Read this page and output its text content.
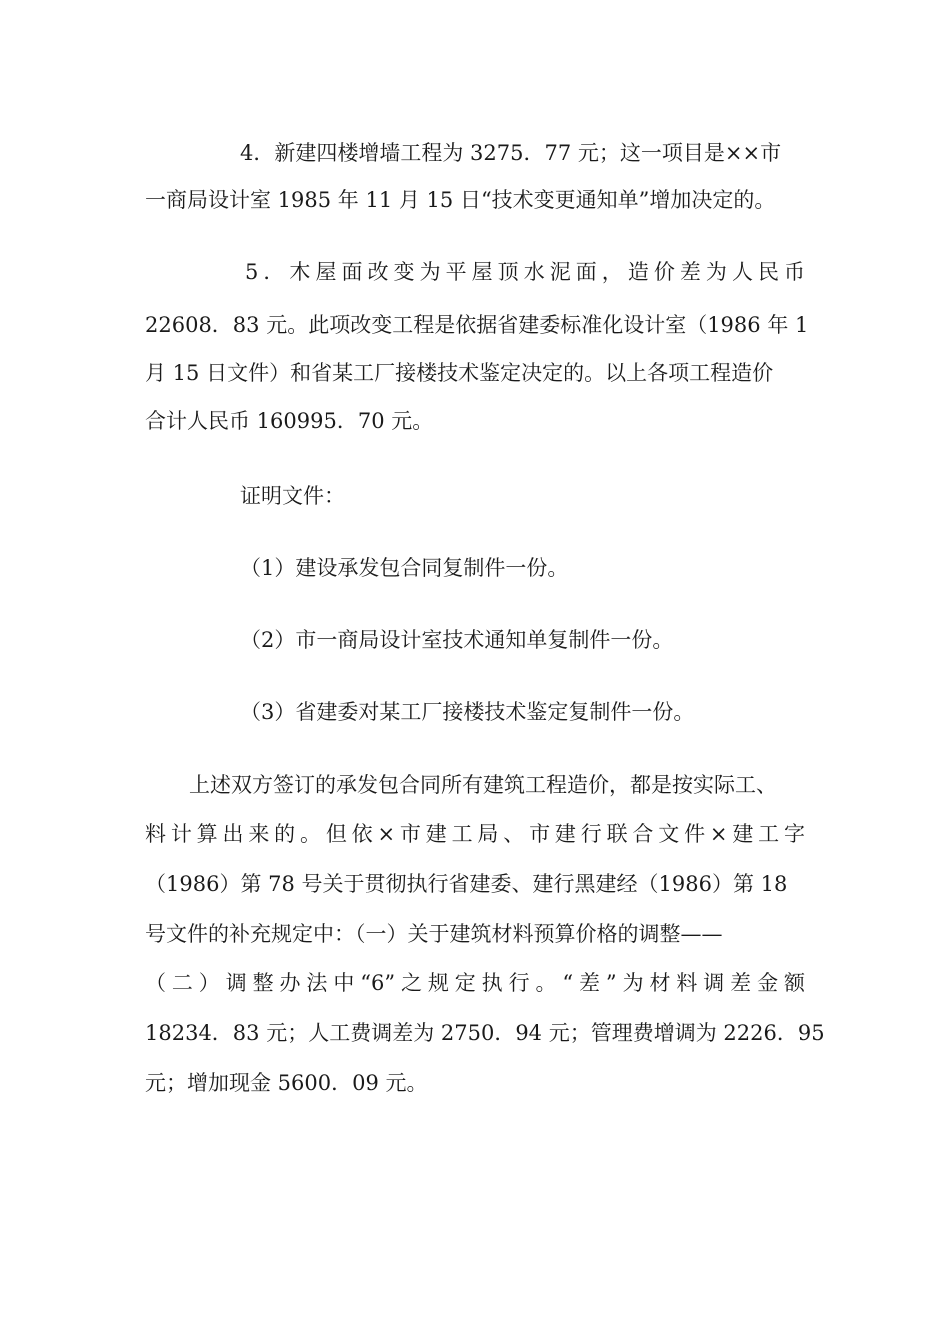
4．新建四楼增墙工程为 3275．77 元；这一项目是××市
一商局设计室 1985 年 11 月 15 日“技术变更通知单”增加决定的。
5．木屋面改变为平屋顶水泥面，造价差为人民币
22608．83 元。此项改变工程是依据省建委标准化设计室（1986 年 1
月 15 日文件）和省某工厂接楼技术鉴定决定的。以上各项工程造价
合计人民币 160995．70 元。
证明文件：
（1）建设承发包合同复制件一份。
（2）市一商局设计室技术通知单复制件一份。
（3）省建委对某工厂接楼技术鉴定复制件一份。
上述双方签订的承发包合同所有建筑工程造价，都是按实际工、
料计算出来的。但依×市建工局、市建行联合文件×建工字
（1986）第 78 号关于贯彻执行省建委、建行黑建经（1986）第 18
号文件的补充规定中：（一）关于建筑材料预算价格的调整——
（二）调整办法中“6”之规定执行。“差”为材料调差金额
18234．83 元；人工费调差为 2750．94 元；管理费增调为 2226．95
元；增加现金 5600．09 元。
